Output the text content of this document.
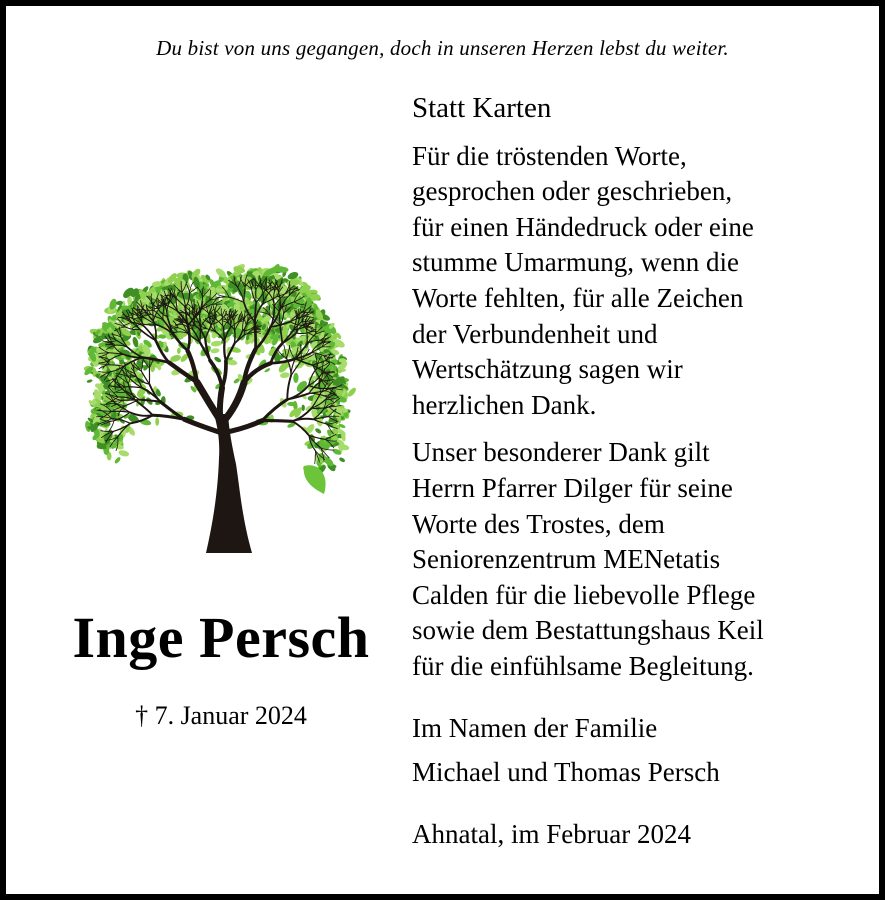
Du bist von uns gegangen, doch in unseren Herzen lebst du weiter.
Inge Persch
† 7. Januar 2024
Statt Karten
Für die tröstenden Worte,
gesprochen oder geschrieben,
für einen Händedruck oder eine
stumme Umarmung, wenn die
Worte fehlten, für alle Zeichen
der Verbundenheit und
Wertschätzung sagen wir
herzlichen Dank.
Unser besonderer Dank gilt
Herrn Pfarrer Dilger für seine
Worte des Trostes, dem
Seniorenzentrum MENetatis
Calden für die liebevolle Pflege
sowie dem Bestattungshaus Keil
für die einfühlsame Begleitung.
Im Namen der Familie
Michael und Thomas Persch
Ahnatal, im Februar 2024
